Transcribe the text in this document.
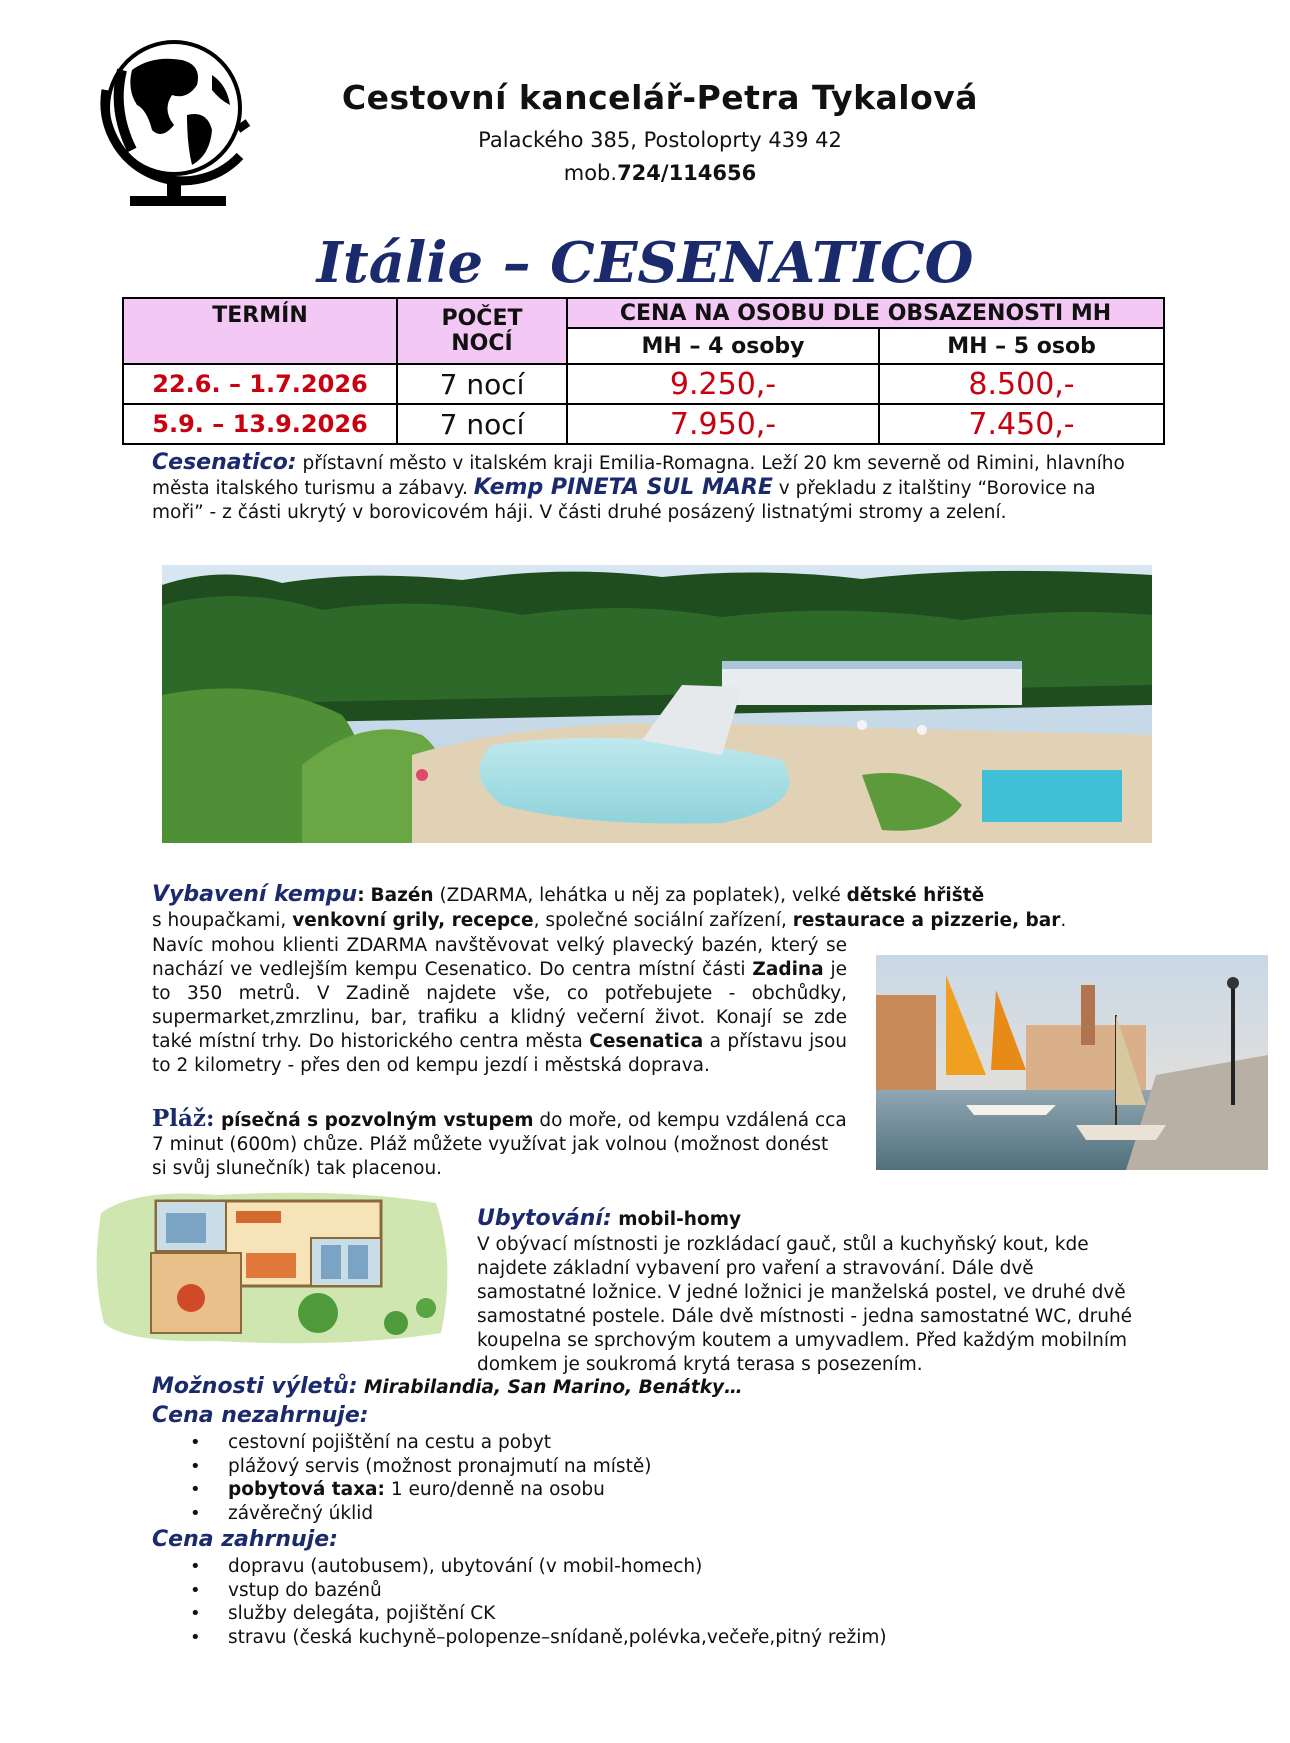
Cestovní kancelář-Petra Tykalová
Palackého 385, Postoloprty 439 42
mob.724/114656
Itálie – CESENATICO
TERMÍN	POČET NOCÍ	CENA NA OSOBU DLE OBSAZENOSTI MH	
		MH – 4 osoby	MH – 5 osob
22.6. – 1.7.2026	7 nocí	9.250,-	8.500,-
5.9. – 13.9.2026	7 nocí	7.950,-	7.450,-
Cesenatico: přístavní město v italském kraji Emilia-Romagna. Leží 20 km severně od Rimini, hlavního města italského turismu a zábavy. Kemp PINETA SUL MARE v překladu z italštiny “Borovice na moři” - z části ukrytý v borovicovém háji. V části druhé posázený listnatými stromy a zelení.
Vybavení kempu: Bazén (ZDARMA, lehátka u něj za poplatek), velké dětské hřiště
s houpačkami, venkovní grily, recepce, společné sociální zařízení, restaurace a pizzerie, bar.
Navíc mohou klienti ZDARMA navštěvovat velký plavecký bazén, který se nachází ve vedlejším kempu Cesenatico. Do centra místní části Zadina je to 350 metrů. V Zadině najdete vše, co potřebujete - obchůdky, supermarket,zmrzlinu, bar, trafiku a klidný večerní život. Konají se zde také místní trhy. Do historického centra města Cesenatica a přístavu jsou to 2 kilometry - přes den od kempu jezdí i městská doprava.
Pláž: písečná s pozvolným vstupem do moře, od kempu vzdálená cca 7 minut (600m) chůze. Pláž můžete využívat jak volnou (možnost donést si svůj slunečník) tak placenou.
Ubytování: mobil-homy
V obývací místnosti je rozkládací gauč, stůl a kuchyňský kout, kde najdete základní vybavení pro vaření a stravování. Dále dvě samostatné ložnice. V jedné ložnici je manželská postel, ve druhé dvě samostatné postele. Dále dvě místnosti - jedna samostatné WC, druhé koupelna se sprchovým koutem a umyvadlem. Před každým mobilním domkem je soukromá krytá terasa s posezením.
Možnosti výletů: Mirabilandia, San Marino, Benátky…
Cena nezahrnuje:
• cestovní pojištění na cestu a pobyt
• plážový servis (možnost pronajmutí na místě)
• pobytová taxa: 1 euro/denně na osobu
• závěrečný úklid
Cena zahrnuje:
• dopravu (autobusem), ubytování (v mobil-homech)
• vstup do bazénů
• služby delegáta, pojištění CK
• stravu (česká kuchyně–polopenze–snídaně,polévka,večeře,pitný režim)
